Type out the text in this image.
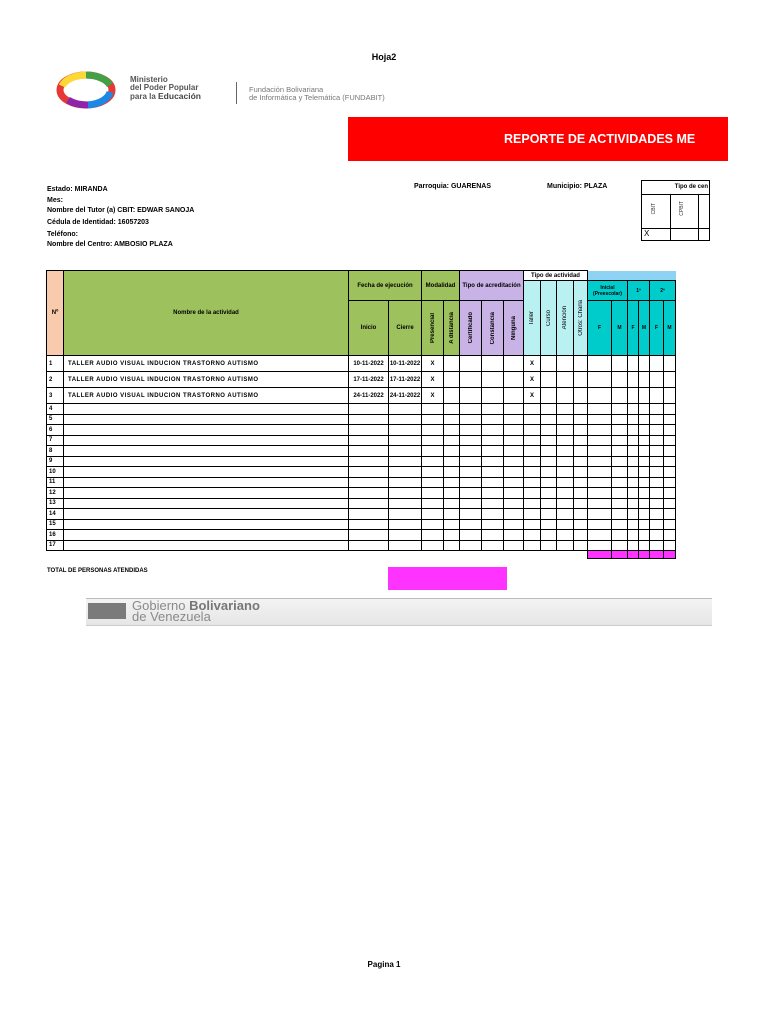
Hoja2
Ministerio
del Poder Popular
para la Educación
Fundación Bolivariana
de Informática y Telemática (FUNDABIT)
REPORTE DE ACTIVIDADES ME
Estado: MIRANDA
Mes:
Nombre del Tutor (a) CBIT: EDWAR SANOJA
Cédula de Identidad: 16057203
Teléfono:
Nombre del Centro: AMBOSIO PLAZA
Parroquia: GUARENAS	Municipio: PLAZA	Tipo de cen
CBIT	CPBIT
X
Nº	Nombre de la actividad	Fecha de ejecución		Modalidad		Tipo de acreditación			Tipo de actividad									

									Taller	Curso	Atención	Otros: Charla	Inicial (Preescolar)		1º		2º	
		Inicio	Cierre	Presencial	A distancia	Certificado	Constancia	Ninguna					F	M	F	M	F	M
1	TALLER AUDIO VISUAL INDUCION TRASTORNO AUTISMO	10-11-2022	10-11-2022	X					X									
2	TALLER AUDIO VISUAL INDUCION TRASTORNO AUTISMO	17-11-2022	17-11-2022	X					X									
3	TALLER AUDIO VISUAL INDUCION TRASTORNO AUTISMO	24-11-2022	24-11-2022	X					X									
4																		
5																		
6																		
7																		
8																		
9																		
10																		
11																		
12																		
13																		
14																		
15																		
16																		
17																		

TOTAL DE PERSONAS ATENDIDAS
Gobierno Bolivariano
de Venezuela
Pagina 1
